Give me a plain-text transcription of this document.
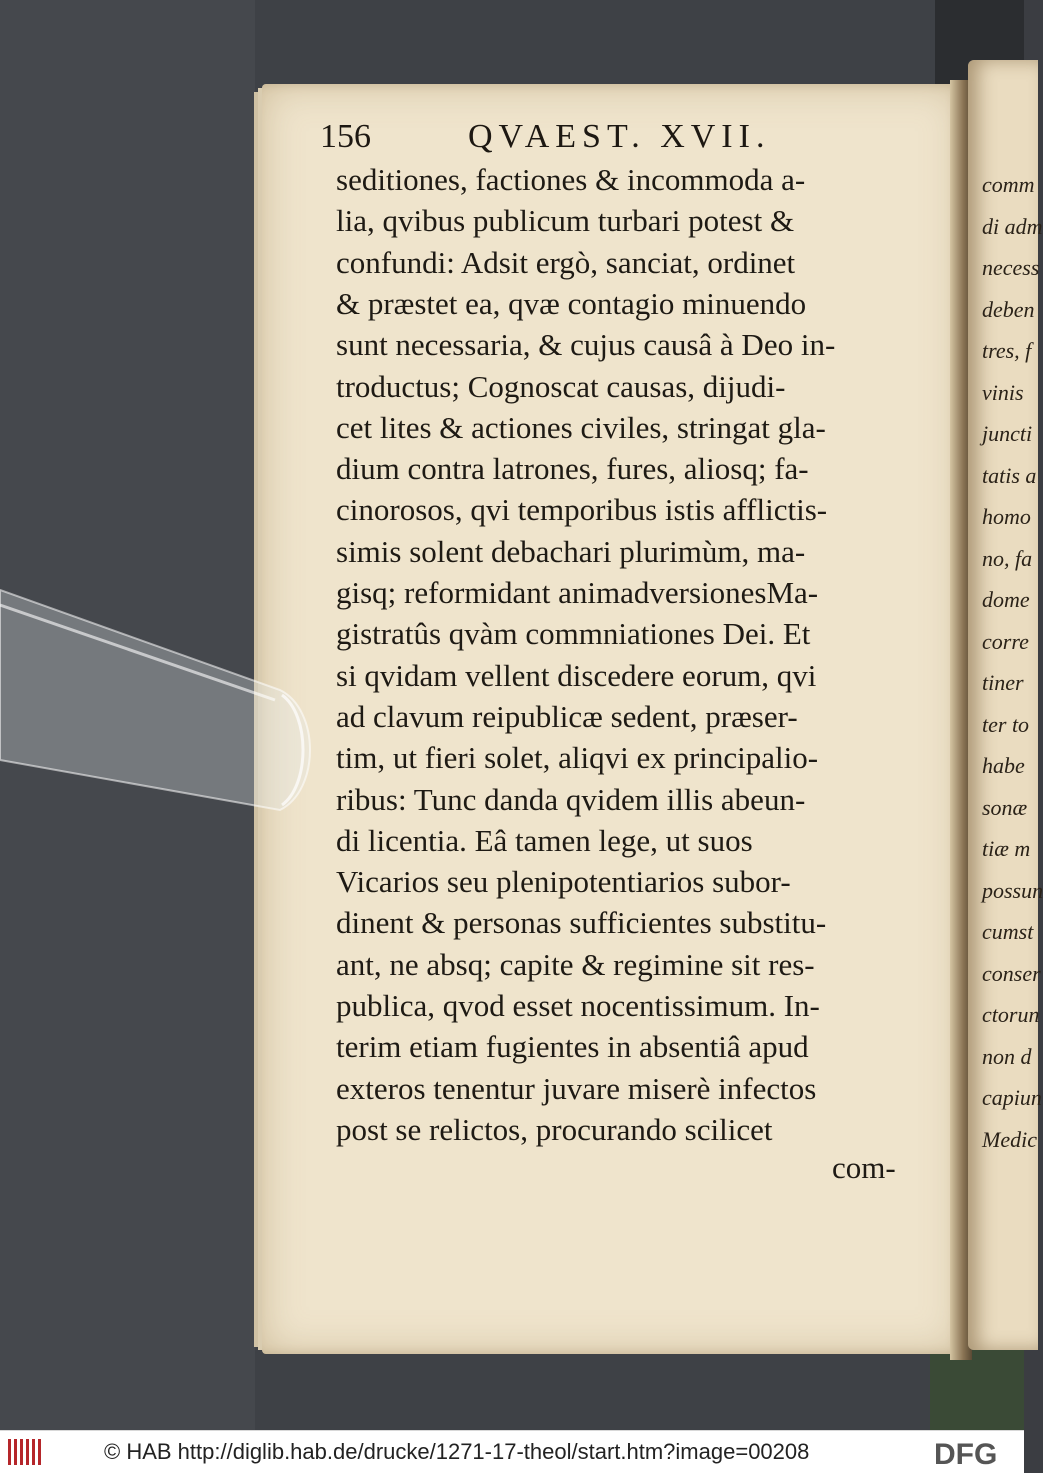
comm
di adm
necess
deben
tres, f
vinis
juncti
tatis a
homo
no, fa
dome
corre
tiner
ter to
habe
sonæ
tiæ m
possun
cumst
conser
ctorun
non d
capiun
Medic
156	QVAEST. XVII.
seditiones, factiones & incommoda a-
lia, qvibus publicum turbari potest &
confundi: Adsit ergò, sanciat, ordinet
& præstet ea, qvæ contagio minuendo
sunt necessaria, & cujus causâ à Deo in-
troductus; Cognoscat causas, dijudi-
cet lites & actiones civiles, stringat gla-
dium contra latrones, fures, aliosq; fa-
cinorosos, qvi temporibus istis afflictis-
simis solent debachari plurimùm, ma-
gisq; reformidant animadversionesMa-
gistratûs qvàm commniationes Dei. Et
si qvidam vellent discedere eorum, qvi
ad clavum reipublicæ sedent, præser-
tim, ut fieri solet, aliqvi ex principalio-
ribus: Tunc danda qvidem illis abeun-
di licentia. Eâ tamen lege, ut suos
Vicarios seu plenipotentiarios subor-
dinent & personas sufficientes substitu-
ant, ne absq; capite & regimine sit res-
publica, qvod esset nocentissimum. In-
terim etiam fugientes in absentiâ apud
exteros tenentur juvare miserè infectos
post se relictos, procurando scilicet
com-
© HAB http://diglib.hab.de/drucke/1271-17-theol/start.htm?image=00208	DFG
